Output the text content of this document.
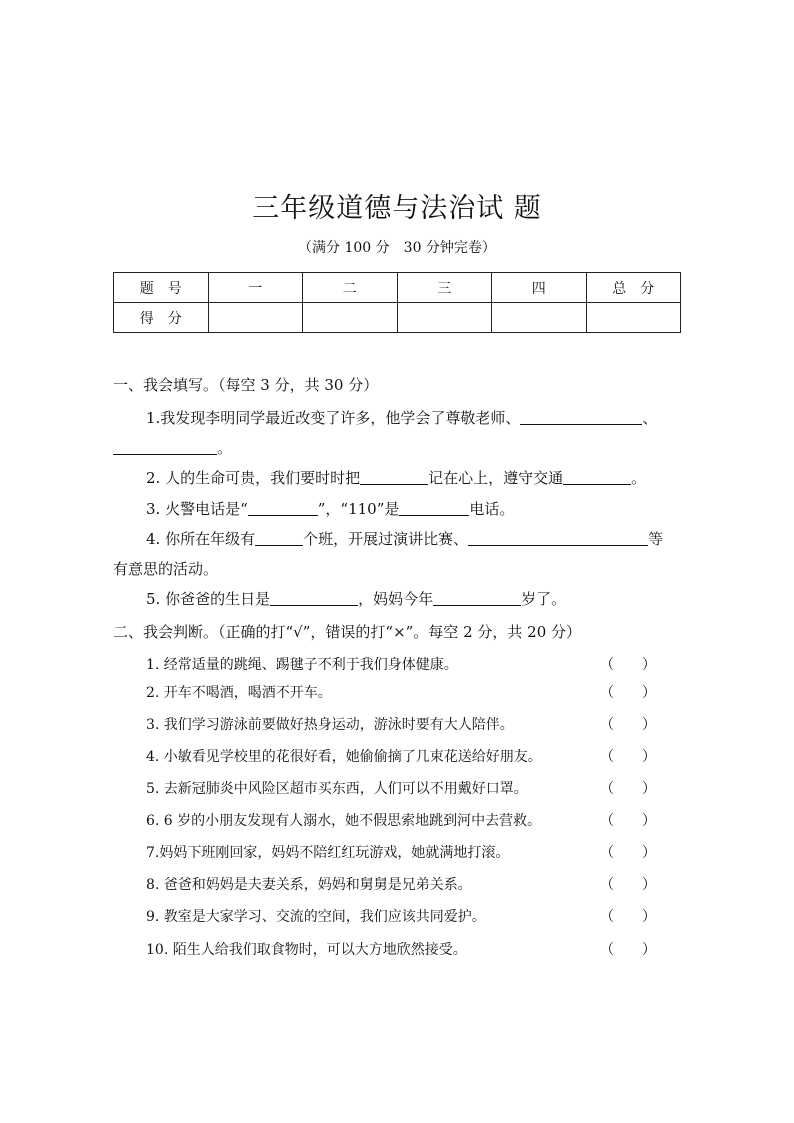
三年级道德与法治试 题
（满分 100 分　30 分钟完卷）
题　号	一	二	三	四	总　分
得　分					
一、我会填写。（每空 3 分，共 30 分）
1.我发现李明同学最近改变了许多，他学会了尊敬老师、	、
。
2. 人的生命可贵，我们要时时把	记在心上，遵守交通	。
3. 火警电话是“	”，“110”是	电话。
4. 你所在年级有	个班，开展过演讲比赛、	等
有意思的活动。
5. 你爸爸的生日是	，妈妈今年	岁了。
二、我会判断。（正确的打“√”，错误的打“×”。每空 2 分，共 20 分）
1. 经常适量的跳绳、踢毽子不利于我们身体健康。	（ ）
2. 开车不喝酒，喝酒不开车。	（ ）
3. 我们学习游泳前要做好热身运动，游泳时要有大人陪伴。	（ ）
4. 小敏看见学校里的花很好看，她偷偷摘了几束花送给好朋友。	（ ）
5. 去新冠肺炎中风险区超市买东西，人们可以不用戴好口罩。	（ ）
6. 6 岁的小朋友发现有人溺水，她不假思索地跳到河中去营救。	（ ）
7.妈妈下班刚回家，妈妈不陪红红玩游戏，她就满地打滚。	（ ）
8. 爸爸和妈妈是夫妻关系，妈妈和舅舅是兄弟关系。	（ ）
9. 教室是大家学习、交流的空间，我们应该共同爱护。	（ ）
10. 陌生人给我们取食物时，可以大方地欣然接受。	（ ）
